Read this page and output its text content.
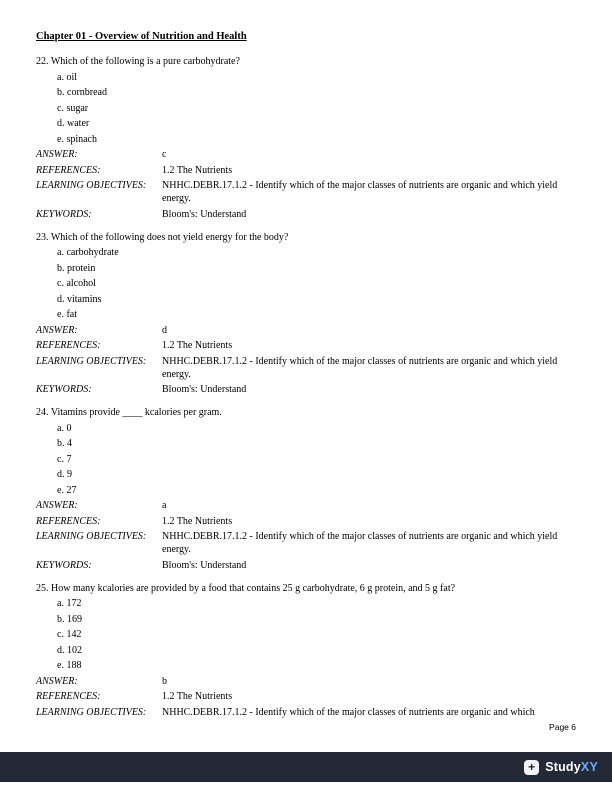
Chapter 01 - Overview of Nutrition and Health
22. Which of the following is a pure carbohydrate?
a. oil
b. cornbread
c. sugar
d. water
e. spinach
ANSWER:	c
REFERENCES:	1.2 The Nutrients
LEARNING OBJECTIVES:	NHHC.DEBR.17.1.2 - Identify which of the major classes of nutrients are organic and which yield energy.
KEYWORDS:	Bloom's: Understand
23. Which of the following does not yield energy for the body?
a. carbohydrate
b. protein
c. alcohol
d. vitamins
e. fat
ANSWER:	d
REFERENCES:	1.2 The Nutrients
LEARNING OBJECTIVES:	NHHC.DEBR.17.1.2 - Identify which of the major classes of nutrients are organic and which yield energy.
KEYWORDS:	Bloom's: Understand
24. Vitamins provide ____ kcalories per gram.
a. 0
b. 4
c. 7
d. 9
e. 27
ANSWER:	a
REFERENCES:	1.2 The Nutrients
LEARNING OBJECTIVES:	NHHC.DEBR.17.1.2 - Identify which of the major classes of nutrients are organic and which yield energy.
KEYWORDS:	Bloom's: Understand
25. How many kcalories are provided by a food that contains 25 g carbohydrate, 6 g protein, and 5 g fat?
a. 172
b. 169
c. 142
d. 102
e. 188
ANSWER:	b
REFERENCES:	1.2 The Nutrients
LEARNING OBJECTIVES:	NHHC.DEBR.17.1.2 - Identify which of the major classes of nutrients are organic and which
Page 6
+ StudyXY
